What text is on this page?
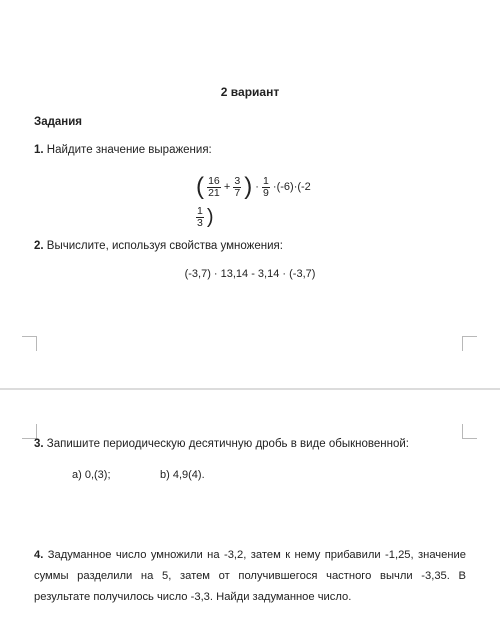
2 вариант
Задания
1. Найдите значение выражения:
( $\frac{16}{21} + \frac{3}{7}$ ) · $\frac{1}{9} \cdot(-6)\cdot(-2$
$\frac{1}{3}$ )
2. Вычислите, используя свойства умножения:
(-3,7) · 13,14 - 3,14 · (-3,7)
3. Запишите периодическую десятичную дробь в виде обыкновенной:
a) 0,(3);	b) 4,9(4).
4. Задуманное число умножили на -3,2, затем к нему прибавили -1,25, значение
суммы разделили на 5, затем от получившегося частного вычли -3,35. В
результате получилось число -3,3. Найди задуманное число.
